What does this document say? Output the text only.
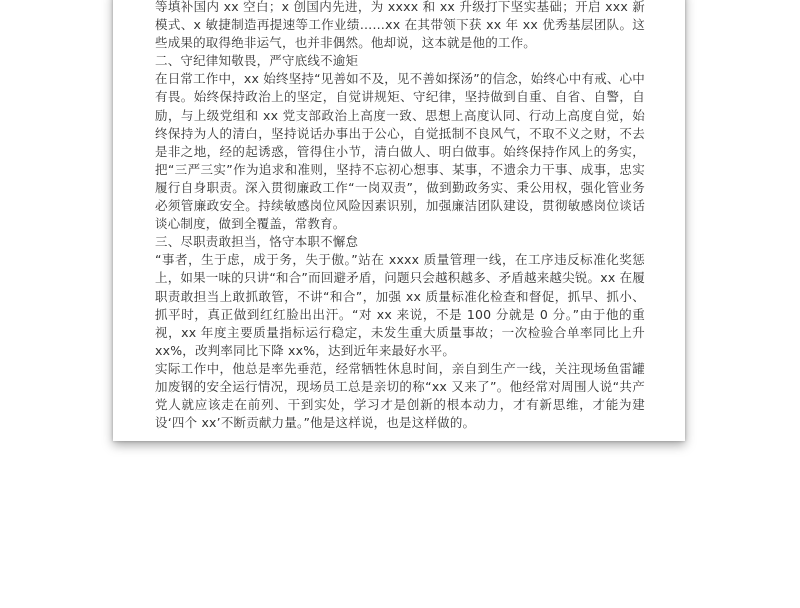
等填补国内 xx 空白；x 创国内先进，为 xxxx 和 xx 升级打下坚实基础；开启 xxx 新模式、x 敏捷制造再提速等工作业绩……xx 在其带领下获 xx 年 xx 优秀基层团队。这些成果的取得绝非运气，也并非偶然。他却说，这本就是他的工作。

二、守纪律知敬畏，严守底线不逾矩

在日常工作中，xx 始终坚持“见善如不及，见不善如探汤”的信念，始终心中有戒、心中有畏。始终保持政治上的坚定，自觉讲规矩、守纪律，坚持做到自重、自省、自警，自励，与上级党组和 xx 党支部政治上高度一致、思想上高度认同、行动上高度自觉，始终保持为人的清白，坚持说话办事出于公心，自觉抵制不良风气，不取不义之财，不去是非之地，经的起诱惑，管得住小节，清白做人、明白做事。始终保持作风上的务实，把“三严三实”作为追求和准则，坚持不忘初心想事、某事，不遗余力干事、成事，忠实履行自身职责。深入贯彻廉政工作“一岗双责”，做到勤政务实、秉公用权，强化管业务必须管廉政安全。持续敏感岗位风险因素识别，加强廉洁团队建设，贯彻敏感岗位谈话谈心制度，做到全覆盖，常教育。

三、尽职责敢担当，恪守本职不懈怠

“事者，生于虑，成于务，失于傲。”站在 xxxx 质量管理一线，在工序违反标准化奖惩上，如果一味的只讲“和合”而回避矛盾，问题只会越积越多、矛盾越来越尖锐。xx 在履职责敢担当上敢抓敢管，不讲“和合”，加强 xx 质量标准化检查和督促，抓早、抓小、抓平时，真正做到红红脸出出汗。“对 xx 来说，不是 100 分就是 0 分。”由于他的重视，xx 年度主要质量指标运行稳定，未发生重大质量事故；一次检验合单率同比上升 xx%，改判率同比下降 xx%，达到近年来最好水平。

实际工作中，他总是率先垂范，经常牺牲休息时间，亲自到生产一线，关注现场鱼雷罐加废钢的安全运行情况，现场员工总是亲切的称“xx 又来了”。他经常对周围人说“共产党人就应该走在前列、干到实处，学习才是创新的根本动力，才有新思维，才能为建设‘四个 xx’不断贡献力量。”他是这样说，也是这样做的。
